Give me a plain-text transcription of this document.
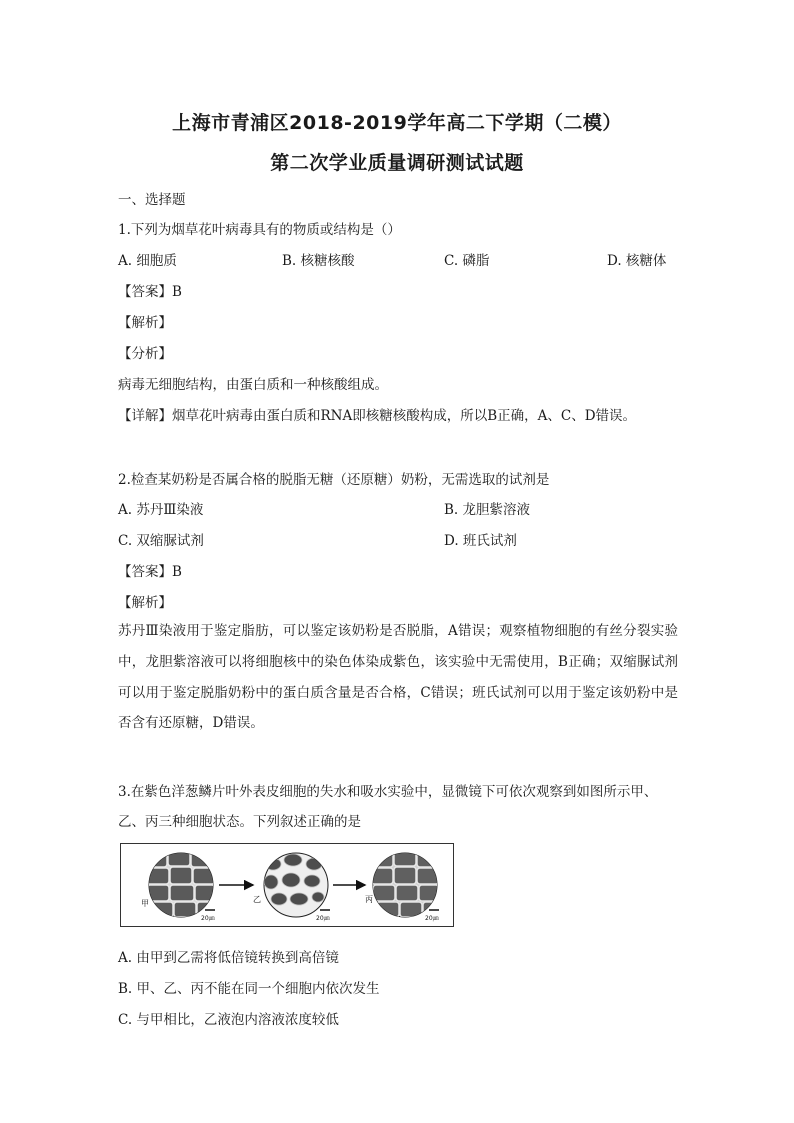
上海市青浦区2018-2019学年高二下学期（二模）
第二次学业质量调研测试试题
一、选择题
1.下列为烟草花叶病毒具有的物质或结构是（）
A. 细胞质	B. 核糖核酸	C. 磷脂	D. 核糖体
【答案】B
【解析】
【分析】
病毒无细胞结构，由蛋白质和一种核酸组成。
【详解】烟草花叶病毒由蛋白质和RNA即核糖核酸构成，所以B正确，A、C、D错误。
2.检查某奶粉是否属合格的脱脂无糖（还原糖）奶粉，无需选取的试剂是
A. 苏丹Ⅲ染液	B. 龙胆紫溶液
C. 双缩脲试剂	D. 班氏试剂
【答案】B
【解析】
苏丹Ⅲ染液用于鉴定脂肪，可以鉴定该奶粉是否脱脂，A错误；观察植物细胞的有丝分裂实验中，龙胆紫溶液可以将细胞核中的染色体染成紫色，该实验中无需使用，B正确；双缩脲试剂可以用于鉴定脱脂奶粉中的蛋白质含量是否合格，C错误；班氏试剂可以用于鉴定该奶粉中是否含有还原糖，D错误。
3.在紫色洋葱鳞片叶外表皮细胞的失水和吸水实验中，显微镜下可依次观察到如图所示甲、
乙、丙三种细胞状态。下列叙述正确的是
甲
20㎛
乙
20㎛
丙
20㎛
A. 由甲到乙需将低倍镜转换到高倍镜
B. 甲、乙、丙不能在同一个细胞内依次发生
C. 与甲相比，乙液泡内溶液浓度较低
